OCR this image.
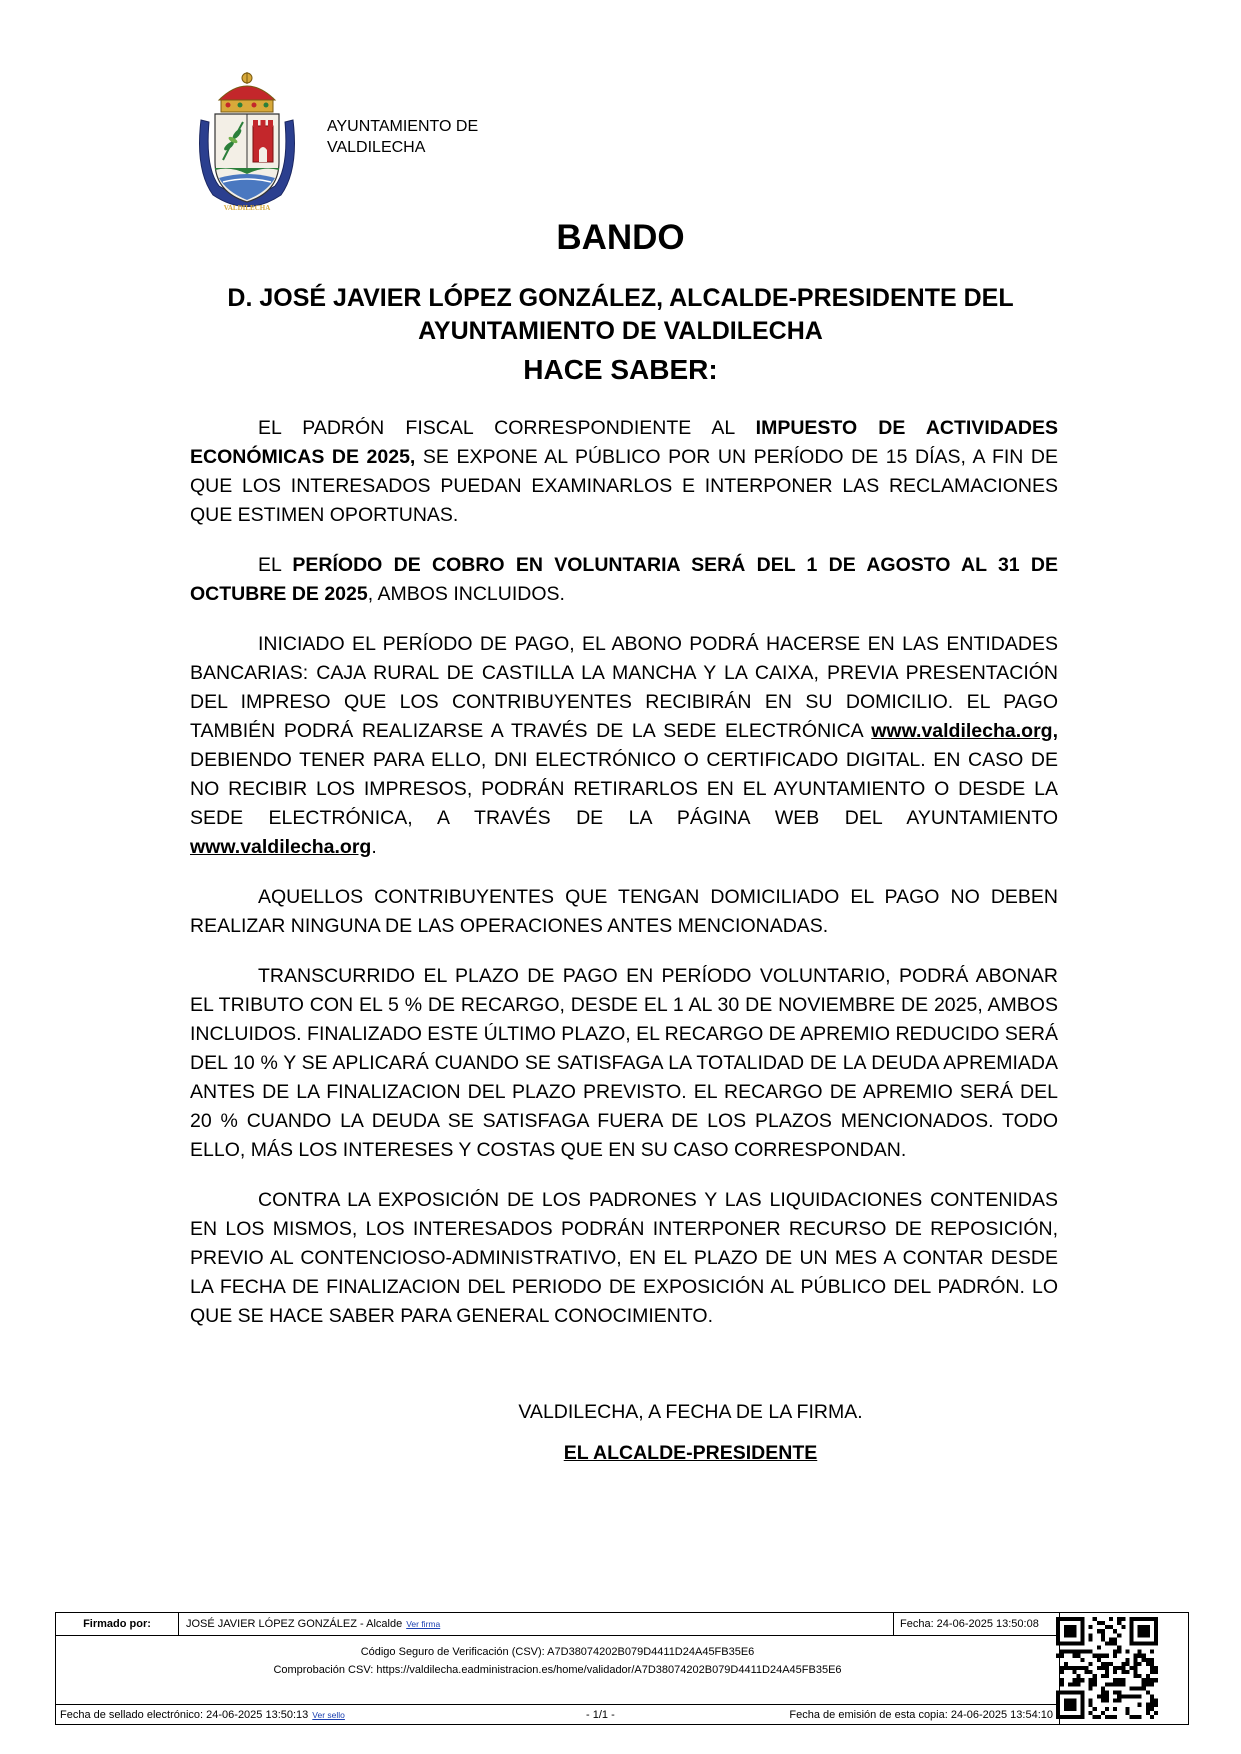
VALDILECHA
AYUNTAMIENTO DE
VALDILECHA
BANDO
D. JOSÉ JAVIER LÓPEZ GONZÁLEZ, ALCALDE-PRESIDENTE DEL
AYUNTAMIENTO DE VALDILECHA
HACE SABER:

EL PADRÓN FISCAL CORRESPONDIENTE AL IMPUESTO DE ACTIVIDADES ECONÓMICAS DE 2025, SE EXPONE AL PÚBLICO POR UN PERÍODO DE 15 DÍAS, A FIN DE QUE LOS INTERESADOS PUEDAN EXAMINARLOS E INTERPONER LAS RECLAMACIONES QUE ESTIMEN OPORTUNAS.

EL PERÍODO DE COBRO EN VOLUNTARIA SERÁ DEL 1 DE AGOSTO AL 31 DE OCTUBRE DE 2025, AMBOS INCLUIDOS.

INICIADO EL PERÍODO DE PAGO, EL ABONO PODRÁ HACERSE EN LAS ENTIDADES BANCARIAS: CAJA RURAL DE CASTILLA LA MANCHA Y LA CAIXA, PREVIA PRESENTACIÓN DEL IMPRESO QUE LOS CONTRIBUYENTES RECIBIRÁN EN SU DOMICILIO. EL PAGO TAMBIÉN PODRÁ REALIZARSE A TRAVÉS DE LA SEDE ELECTRÓNICA www.valdilecha.org, DEBIENDO TENER PARA ELLO, DNI ELECTRÓNICO O CERTIFICADO DIGITAL. EN CASO DE NO RECIBIR LOS IMPRESOS, PODRÁN RETIRARLOS EN EL AYUNTAMIENTO O DESDE LA SEDE ELECTRÓNICA, A TRAVÉS DE LA PÁGINA WEB DEL AYUNTAMIENTO www.valdilecha.org.

AQUELLOS CONTRIBUYENTES QUE TENGAN DOMICILIADO EL PAGO NO DEBEN REALIZAR NINGUNA DE LAS OPERACIONES ANTES MENCIONADAS.

TRANSCURRIDO EL PLAZO DE PAGO EN PERÍODO VOLUNTARIO, PODRÁ ABONAR EL TRIBUTO CON EL 5 % DE RECARGO, DESDE EL 1 AL 30 DE NOVIEMBRE DE 2025, AMBOS INCLUIDOS. FINALIZADO ESTE ÚLTIMO PLAZO, EL RECARGO DE APREMIO REDUCIDO SERÁ DEL 10 % Y SE APLICARÁ CUANDO SE SATISFAGA LA TOTALIDAD DE LA DEUDA APREMIADA ANTES DE LA FINALIZACION DEL PLAZO PREVISTO. EL RECARGO DE APREMIO SERÁ DEL 20 % CUANDO LA DEUDA SE SATISFAGA FUERA DE LOS PLAZOS MENCIONADOS. TODO ELLO, MÁS LOS INTERESES Y COSTAS QUE EN SU CASO CORRESPONDAN.

CONTRA LA EXPOSICIÓN DE LOS PADRONES Y LAS LIQUIDACIONES CONTENIDAS EN LOS MISMOS, LOS INTERESADOS PODRÁN INTERPONER RECURSO DE REPOSICIÓN, PREVIO AL CONTENCIOSO-ADMINISTRATIVO, EN EL PLAZO DE UN MES A CONTAR DESDE LA FECHA DE FINALIZACION DEL PERIODO DE EXPOSICIÓN AL PÚBLICO DEL PADRÓN. LO QUE SE HACE SABER PARA GENERAL CONOCIMIENTO.

VALDILECHA, A FECHA DE LA FIRMA.
EL ALCALDE-PRESIDENTE
Firmado por:	JOSÉ JAVIER LÓPEZ GONZÁLEZ - Alcalde Ver firma	Fecha: 24-06-2025 13:50:08
Código Seguro de Verificación (CSV): A7D38074202B079D4411D24A45FB35E6
Comprobación CSV: https://valdilecha.eadministracion.es/home/validador/A7D38074202B079D4411D24A45FB35E6
Fecha de sellado electrónico: 24-06-2025 13:50:13 Ver sello	- 1/1 -	Fecha de emisión de esta copia: 24-06-2025 13:54:10
